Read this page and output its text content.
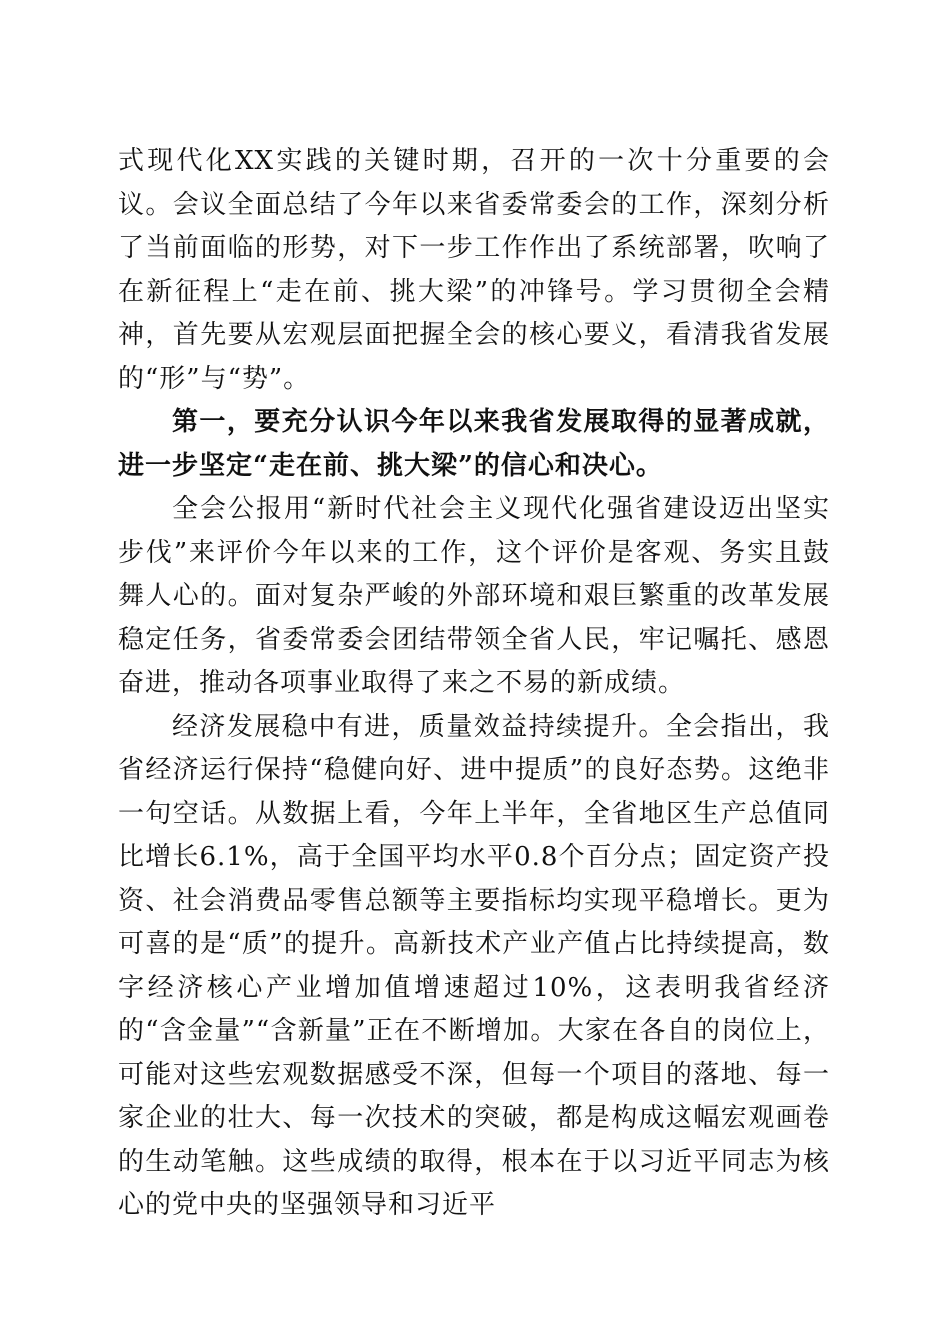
式现代化XX实践的关键时期，召开的一次十分重要的会议。会议全面总结了今年以来省委常委会的工作，深刻分析了当前面临的形势，对下一步工作作出了系统部署，吹响了在新征程上“走在前、挑大梁”的冲锋号。学习贯彻全会精神，首先要从宏观层面把握全会的核心要义，看清我省发展的“形”与“势”。

第一，要充分认识今年以来我省发展取得的显著成就，进一步坚定“走在前、挑大梁”的信心和决心。

全会公报用“新时代社会主义现代化强省建设迈出坚实步伐”来评价今年以来的工作，这个评价是客观、务实且鼓舞人心的。面对复杂严峻的外部环境和艰巨繁重的改革发展稳定任务，省委常委会团结带领全省人民，牢记嘱托、感恩奋进，推动各项事业取得了来之不易的新成绩。

经济发展稳中有进，质量效益持续提升。全会指出，我省经济运行保持“稳健向好、进中提质”的良好态势。这绝非一句空话。从数据上看，今年上半年，全省地区生产总值同比增长6.1%，高于全国平均水平0.8个百分点；固定资产投资、社会消费品零售总额等主要指标均实现平稳增长。更为可喜的是“质”的提升。高新技术产业产值占比持续提高，数字经济核心产业增加值增速超过10%，这表明我省经济的“含金量”“含新量”正在不断增加。大家在各自的岗位上，可能对这些宏观数据感受不深，但每一个项目的落地、每一家企业的壮大、每一次技术的突破，都是构成这幅宏观画卷的生动笔触。这些成绩的取得，根本在于以习近平同志为核心的党中央的坚强领导和习近平
